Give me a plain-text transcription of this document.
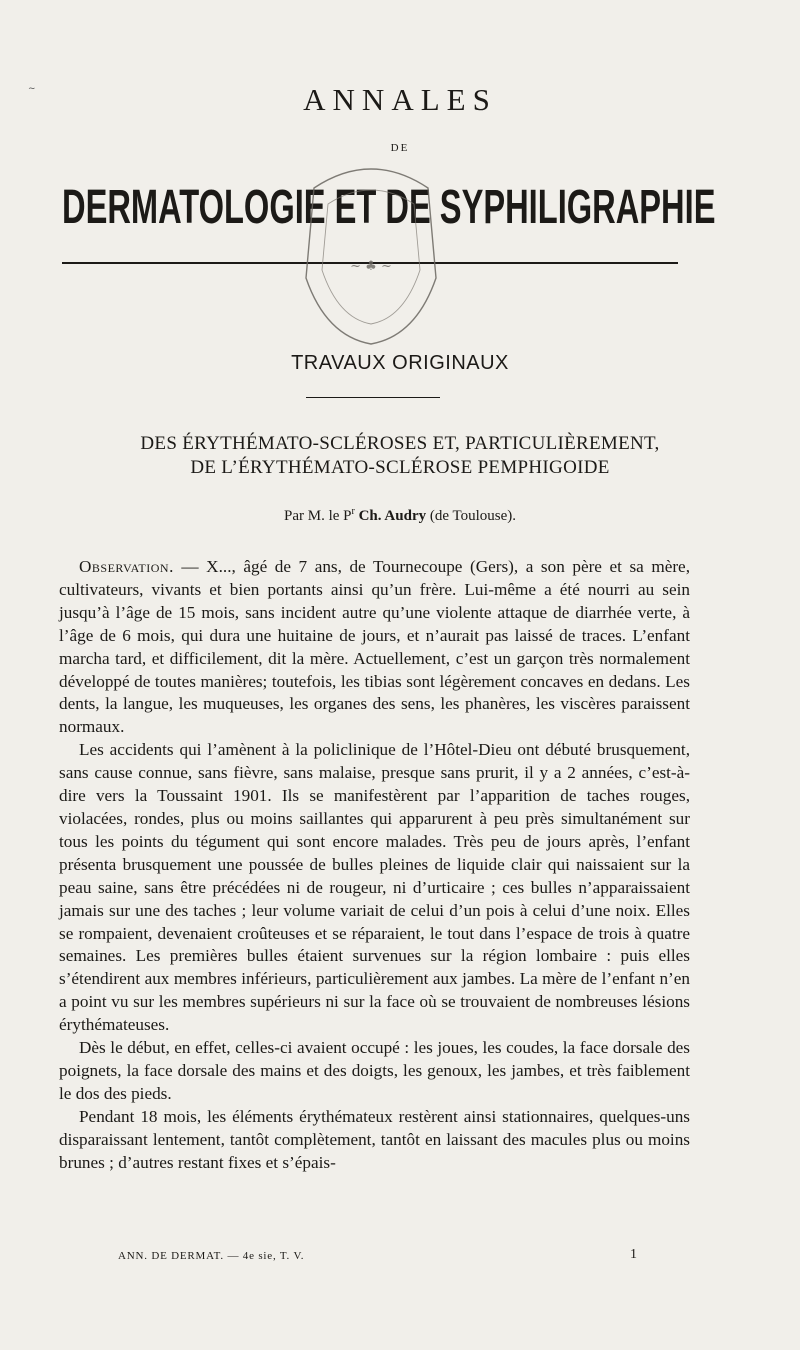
~	ANNALES
DE
DERMATOLOGIE ET DE SYPHILIGRAPHIE
~ ♣ ~
TRAVAUX ORIGINAUX
DES ÉRYTHÉMATO-SCLÉROSES ET, PARTICULIÈREMENT,
DE L’ÉRYTHÉMATO-SCLÉROSE PEMPHIGOIDE
Par M. le $P^r$ Ch. Audry (de Toulouse).

Observation. — X..., âgé de 7 ans, de Tournecoupe (Gers), a son père et sa mère, cultivateurs, vivants et bien portants ainsi qu’un frère. Lui-même a été nourri au sein jusqu’à l’âge de 15 mois, sans incident autre qu’une violente attaque de diarrhée verte, à l’âge de 6 mois, qui dura une huitaine de jours, et n’aurait pas laissé de traces. L’enfant marcha tard, et difficilement, dit la mère. Actuellement, c’est un garçon très normalement développé de toutes manières; toutefois, les tibias sont légèrement concaves en dedans. Les dents, la langue, les muqueuses, les organes des sens, les phanères, les viscères paraissent normaux.

Les accidents qui l’amènent à la policlinique de l’Hôtel-Dieu ont débuté brusquement, sans cause connue, sans fièvre, sans malaise, presque sans prurit, il y a 2 années, c’est-à-dire vers la Toussaint 1901. Ils se manifestèrent par l’apparition de taches rouges, violacées, rondes, plus ou moins saillantes qui apparurent à peu près simultanément sur tous les points du tégument qui sont encore malades. Très peu de jours après, l’enfant présenta brusquement une poussée de bulles pleines de liquide clair qui naissaient sur la peau saine, sans être précédées ni de rougeur, ni d’urticaire ; ces bulles n’apparaissaient jamais sur une des taches ; leur volume variait de celui d’un pois à celui d’une noix. Elles se rompaient, devenaient croûteuses et se réparaient, le tout dans l’espace de trois à quatre semaines. Les premières bulles étaient survenues sur la région lombaire : puis elles s’étendirent aux membres inférieurs, particulièrement aux jambes. La mère de l’enfant n’en a point vu sur les membres supérieurs ni sur la face où se trouvaient de nombreuses lésions érythémateuses.

Dès le début, en effet, celles-ci avaient occupé : les joues, les coudes, la face dorsale des poignets, la face dorsale des mains et des doigts, les genoux, les jambes, et très faiblement le dos des pieds.

Pendant 18 mois, les éléments érythémateux restèrent ainsi stationnaires, quelques-uns disparaissant lentement, tantôt complètement, tantôt en laissant des macules plus ou moins brunes ; d’autres restant fixes et s’épais-

ANN. DE DERMAT. — 4e sie, T. V.	1
